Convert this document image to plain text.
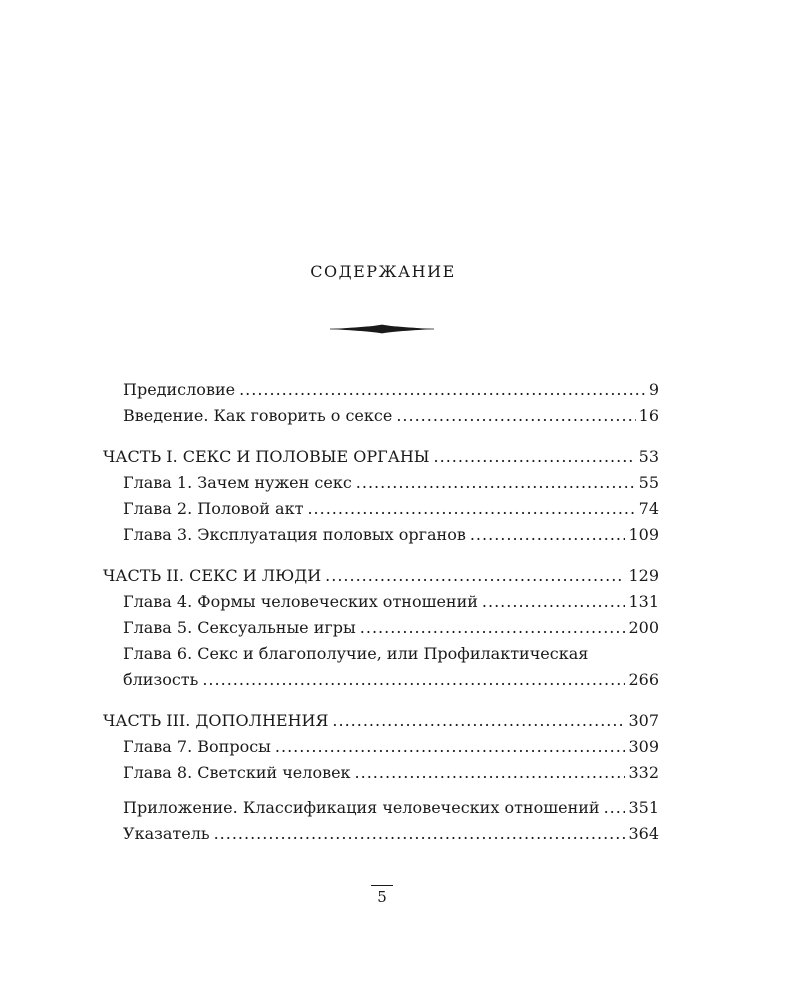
СОДЕРЖАНИЕ
Предисловие .....	9
Введение. Как говорить о сексе .....	16
ЧАСТЬ I. СЕКС И ПОЛОВЫЕ ОРГАНЫ .....	53
Глава 1. Зачем нужен секс .....	55
Глава 2. Половой акт .....	74
Глава 3. Эксплуатация половых органов .....	109
ЧАСТЬ II. СЕКС И ЛЮДИ .....	129
Глава 4. Формы человеческих отношений .....	131
Глава 5. Сексуальные игры .....	200
Глава 6. Секс и благополучие, или Профилактическая
близость .....	266
ЧАСТЬ III. ДОПОЛНЕНИЯ .....	307
Глава 7. Вопросы .....	309
Глава 8. Светский человек .....	332
Приложение. Классификация человеческих отношений ..... 351
Указатель .....	364
5
